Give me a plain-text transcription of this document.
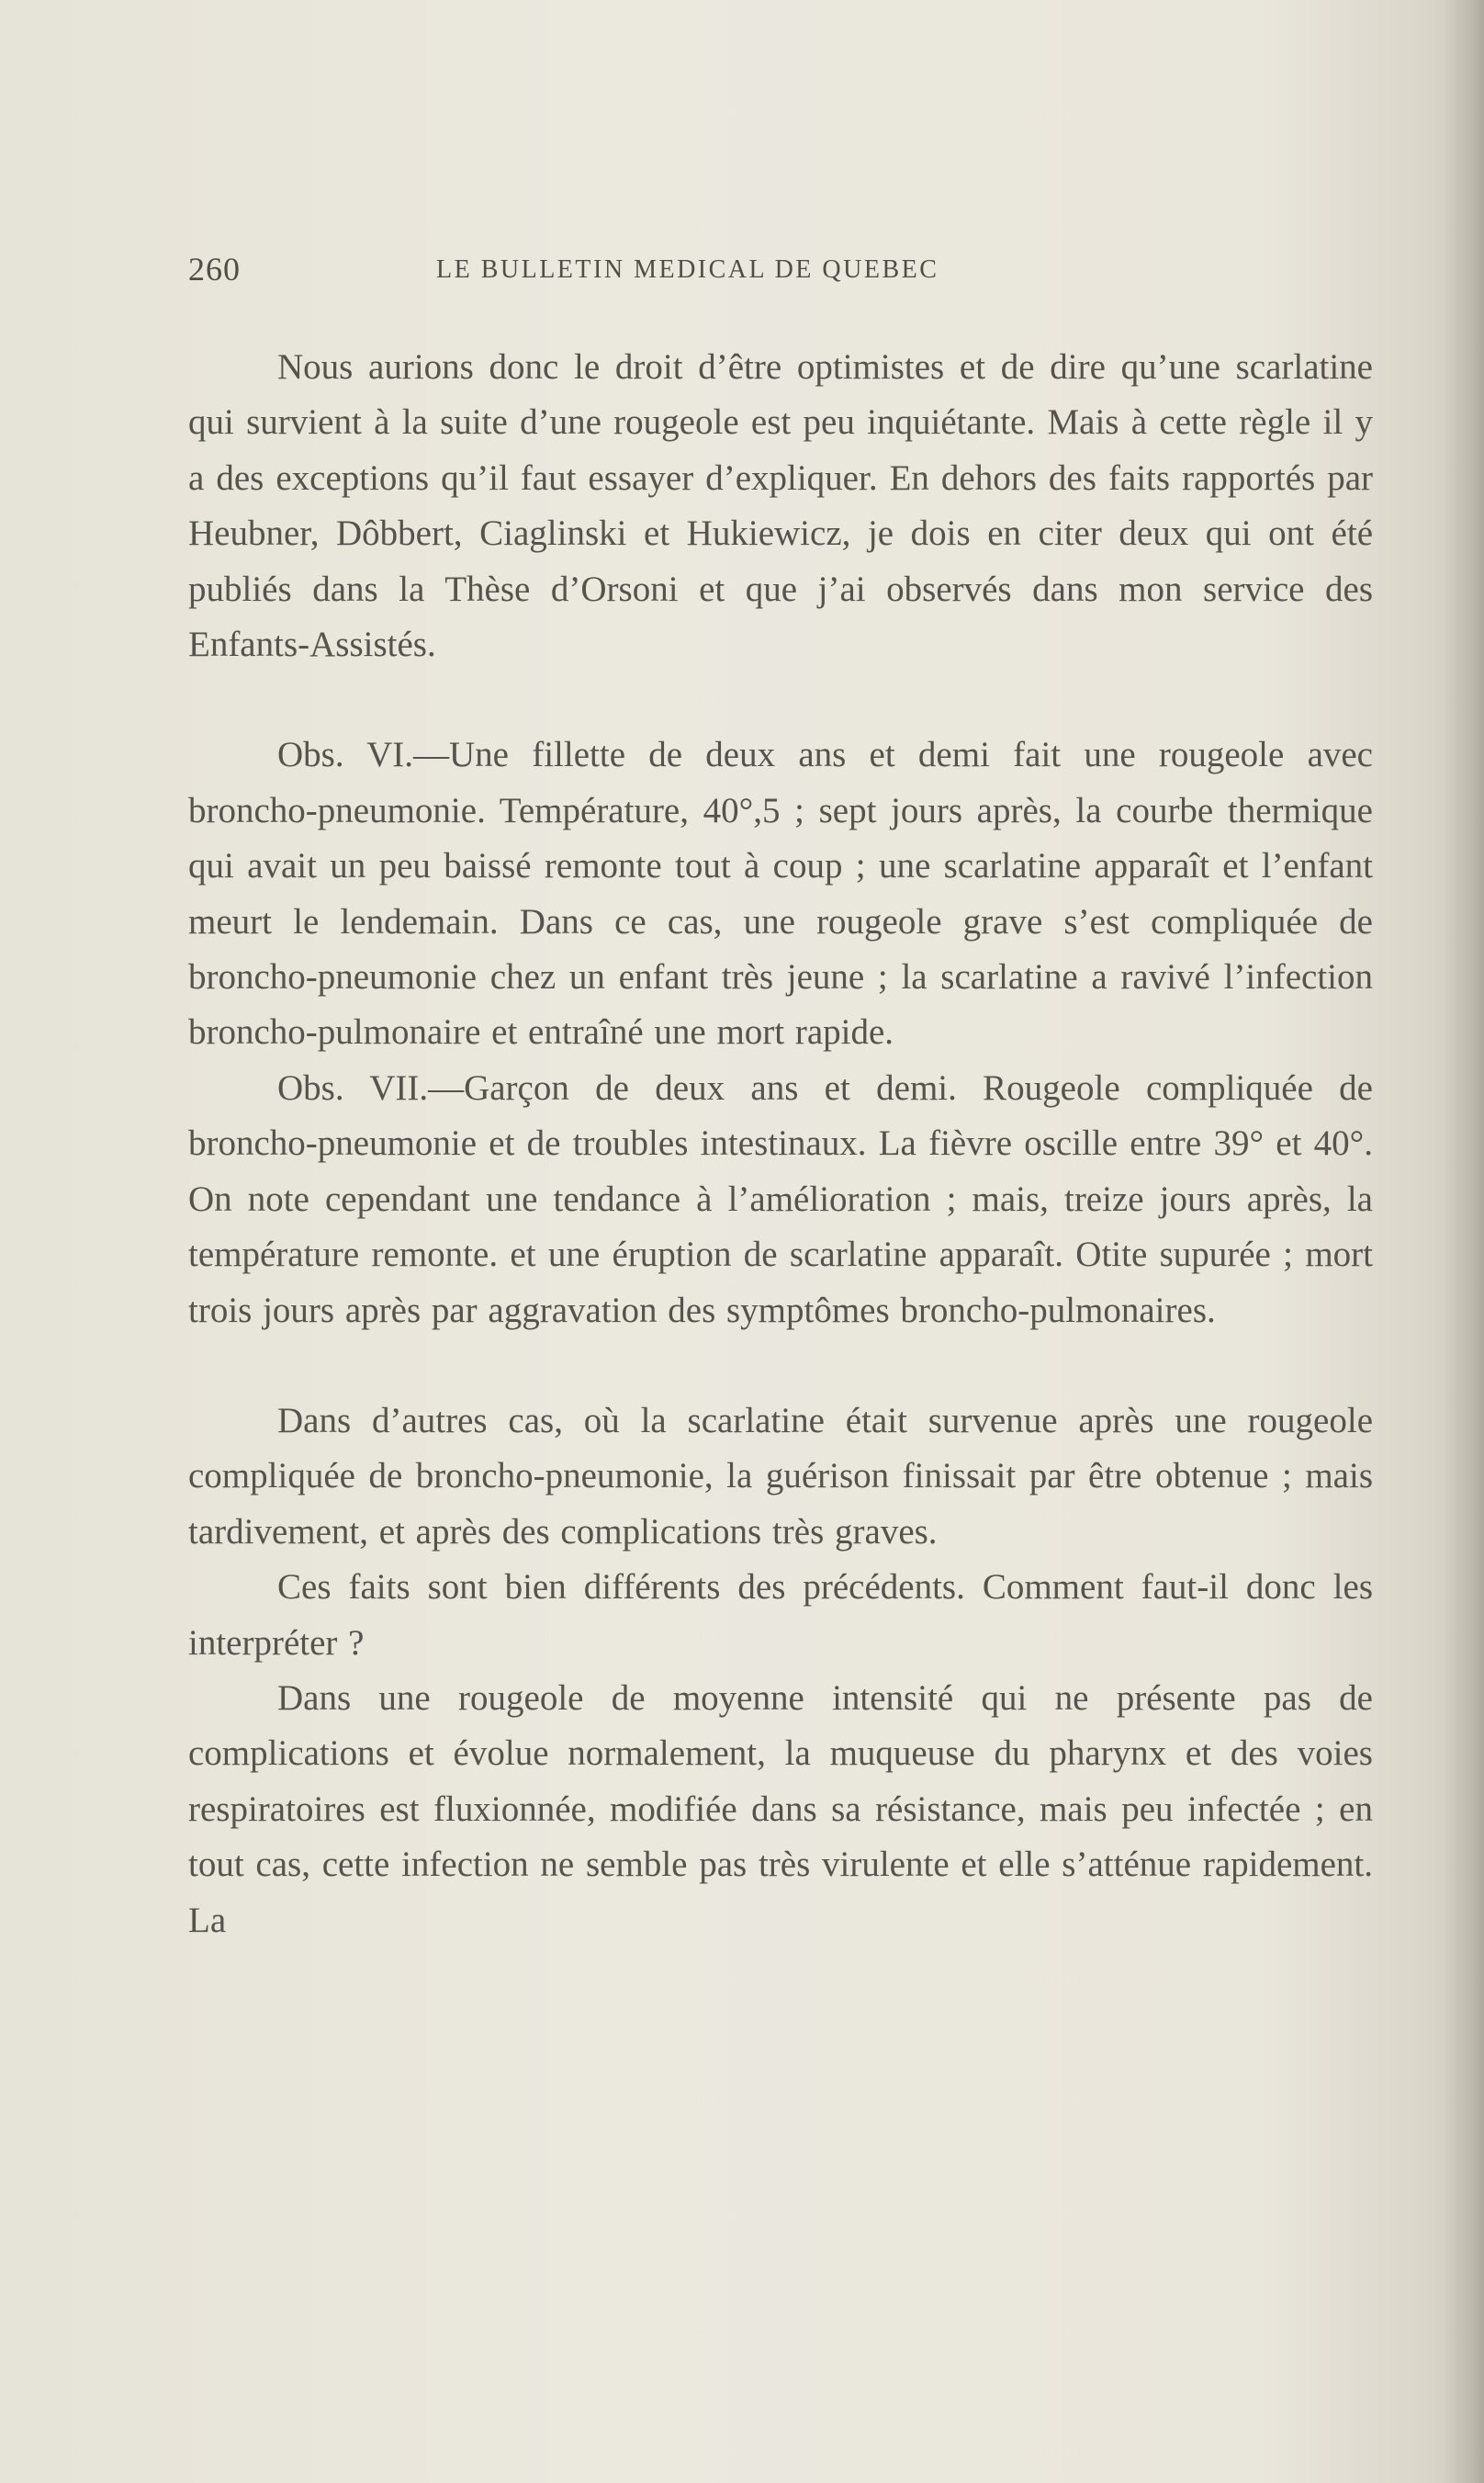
260	LE BULLETIN MEDICAL DE QUEBEC

Nous aurions donc le droit d’être optimistes et de dire qu’une scarlatine qui survient à la suite d’une rougeole est peu inquiétante. Mais à cette règle il y a des exceptions qu’il faut essayer d’expliquer. En dehors des faits rapportés par Heubner, Dôbbert, Ciaglinski et Hukiewicz, je dois en citer deux qui ont été publiés dans la Thèse d’Orsoni et que j’ai observés dans mon service des Enfants-Assistés.

Obs. VI.—Une fillette de deux ans et demi fait une rougeole avec broncho-pneumonie. Température, 40°,5 ; sept jours après, la courbe thermique qui avait un peu baissé remonte tout à coup ; une scarlatine apparaît et l’enfant meurt le lendemain. Dans ce cas, une rougeole grave s’est compliquée de broncho-pneumonie chez un enfant très jeune ; la scarlatine a ravivé l’infection broncho-pulmonaire et entraîné une mort rapide.

Obs. VII.—Garçon de deux ans et demi. Rougeole compliquée de broncho-pneumonie et de troubles intestinaux. La fièvre oscille entre 39° et 40°. On note cependant une tendance à l’amélioration ; mais, treize jours après, la température remonte. et une éruption de scarlatine apparaît. Otite supurée ; mort trois jours après par aggravation des symptômes broncho-pulmonaires.

Dans d’autres cas, où la scarlatine était survenue après une rougeole compliquée de broncho-pneumonie, la guérison finissait par être obtenue ; mais tardivement, et après des complications très graves.

Ces faits sont bien différents des précédents. Comment faut-il donc les interpréter ?

Dans une rougeole de moyenne intensité qui ne présente pas de complications et évolue normalement, la muqueuse du pharynx et des voies respiratoires est fluxionnée, modifiée dans sa résistance, mais peu infectée ; en tout cas, cette infection ne semble pas très virulente et elle s’atténue rapidement. La
